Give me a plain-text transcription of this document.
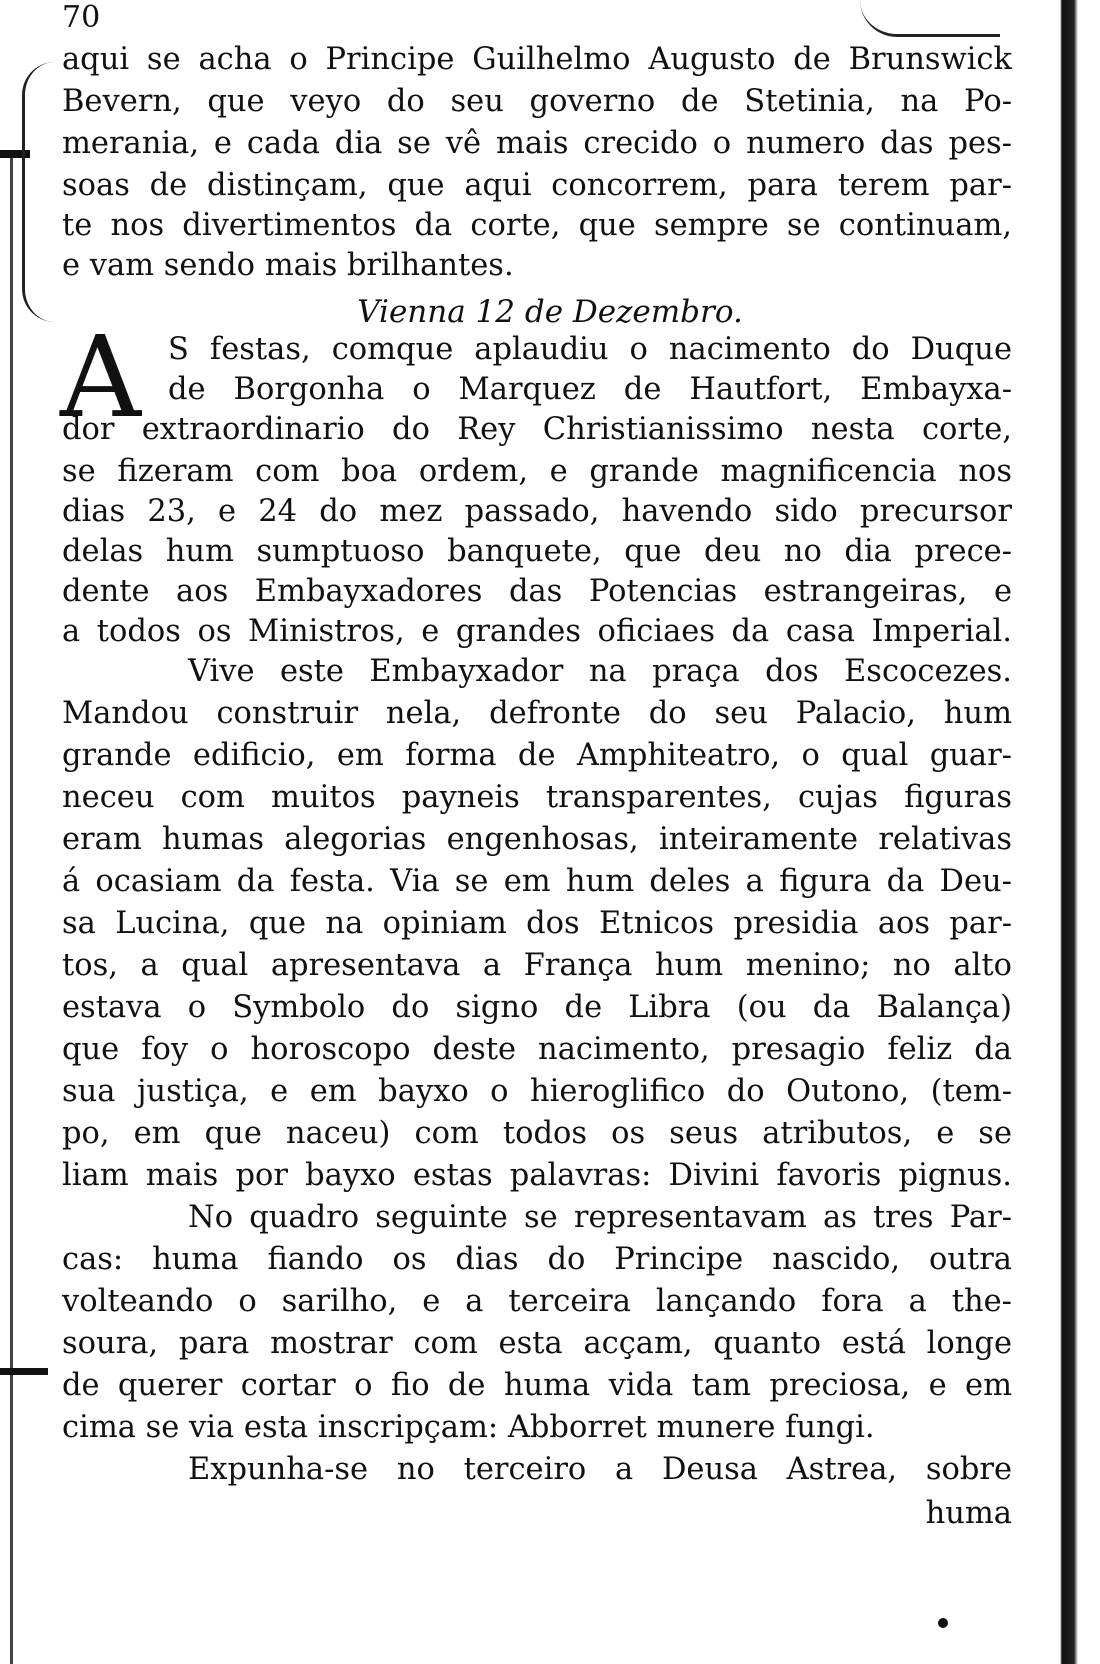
70
aqui se acha o Principe Guilhelmo Augusto de Brunswick
Bevern, que veyo do seu governo de Stetinia, na Po-
merania, e cada dia se vê mais crecido o numero das pes-
soas de distinçam, que aqui concorrem, para terem par-
te nos divertimentos da corte, que sempre se continuam,
e vam sendo mais brilhantes.
Vienna 12 de Dezembro.
A S festas, comque aplaudiu o nacimento do Duque
de Borgonha o Marquez de Hautfort, Embayxa-
dor extraordinario do Rey Christianissimo nesta corte,
se fizeram com boa ordem, e grande magnificencia nos
dias 23, e 24 do mez passado, havendo sido precursor
delas hum sumptuoso banquete, que deu no dia prece-
dente aos Embayxadores das Potencias estrangeiras, e
a todos os Ministros, e grandes oficiaes da casa Imperial.
Vive este Embayxador na praça dos Escocezes.
Mandou construir nela, defronte do seu Palacio, hum
grande edificio, em forma de Amphiteatro, o qual guar-
neceu com muitos payneis transparentes, cujas figuras
eram humas alegorias engenhosas, inteiramente relativas
á ocasiam da festa. Via se em hum deles a figura da Deu-
sa Lucina, que na opiniam dos Etnicos presidia aos par-
tos, a qual apresentava a França hum menino; no alto
estava o Symbolo do signo de Libra (ou da Balança)
que foy o horoscopo deste nacimento, presagio feliz da
sua justiça, e em bayxo o hieroglifico do Outono, (tem-
po, em que naceu) com todos os seus atributos, e se
liam mais por bayxo estas palavras: Divini favoris pignus.
No quadro seguinte se representavam as tres Par-
cas: huma fiando os dias do Principe nascido, outra
volteando o sarilho, e a terceira lançando fora a the-
soura, para mostrar com esta acçam, quanto está longe
de querer cortar o fio de huma vida tam preciosa, e em
cima se via esta inscripçam: Abborret munere fungi.
Expunha-se no terceiro a Deusa Astrea, sobre
huma
